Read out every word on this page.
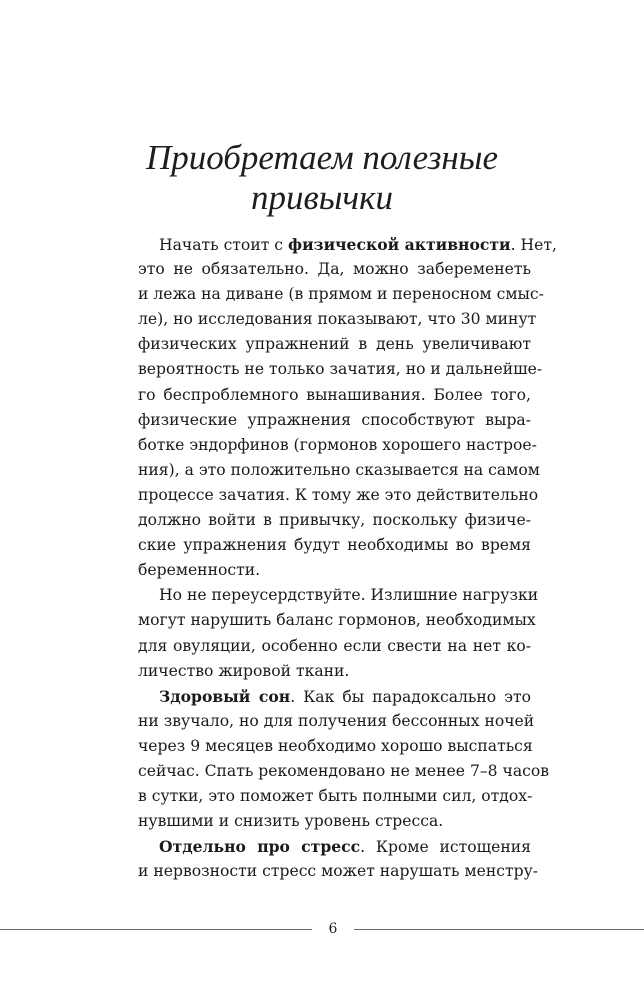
Приобретаем полезные
привычки
Начать стоит с физической активности. Нет,
это не обязательно. Да, можно забеременеть
и лежа на диване (в прямом и переносном смыс-
ле), но исследования показывают, что 30 минут
физических упражнений в день увеличивают
вероятность не только зачатия, но и дальнейше-
го беспроблемного вынашивания. Более того,
физические упражнения способствуют выра-
ботке эндорфинов (гормонов хорошего настрое-
ния), а это положительно сказывается на самом
процессе зачатия. К тому же это действительно
должно войти в привычку, поскольку физиче-
ские упражнения будут необходимы во время
беременности.
Но не переусердствуйте. Излишние нагрузки
могут нарушить баланс гормонов, необходимых
для овуляции, особенно если свести на нет ко-
личество жировой ткани.
Здоровый сон. Как бы парадоксально это
ни звучало, но для получения бессонных ночей
через 9 месяцев необходимо хорошо выспаться
сейчас. Спать рекомендовано не менее 7–8 часов
в сутки, это поможет быть полными сил, отдох-
нувшими и снизить уровень стресса.
Отдельно про стресс. Кроме истощения
и нервозности стресс может нарушать менстру-
6
